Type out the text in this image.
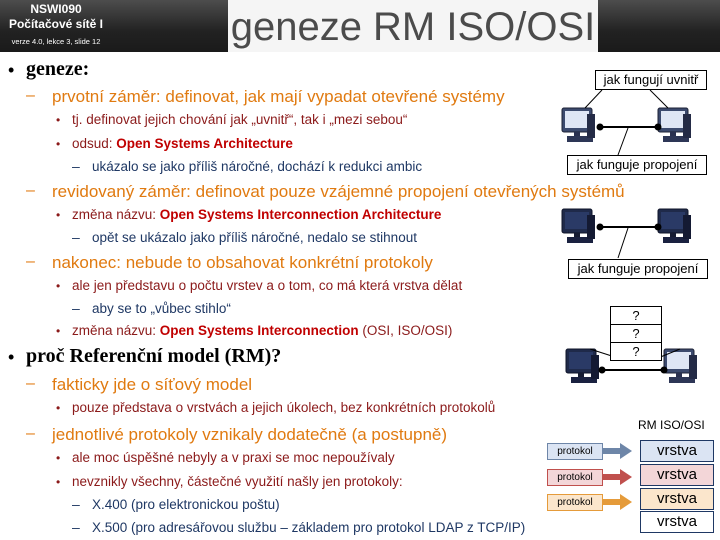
NSWI090
Počítačové sítě I
verze 4.0, lekce 3, slide 12	geneze RM ISO/OSI
• geneze:
– prvotní záměr: definovat, jak mají vypadat otevřené systémy
• tj. definovat jejich chování jak „uvnitř“, tak i „mezi sebou“
• odsud: Open Systems Architecture
– ukázalo se jako příliš náročné, dochází k redukci ambic
– revidovaný záměr: definovat pouze vzájemné propojení otevřených systémů
• změna názvu: Open Systems Interconnection Architecture
– opět se ukázalo jako příliš náročné, nedalo se stihnout
– nakonec: nebude to obsahovat konkrétní protokoly
• ale jen představu o počtu vrstev a o tom, co má která vrstva dělat
– aby se to „vůbec stihlo“
• změna názvu: Open Systems Interconnection (OSI, ISO/OSI)
• proč Referenční model (RM)?
– fakticky jde o síťový model
• pouze představa o vrstvách a jejich úkolech, bez konkrétních protokolů
– jednotlivé protokoly vznikaly dodatečně (a postupně)
• ale moc úspěšné nebyly a v praxi se moc nepoužívaly
• nevznikly všechny, částečné využití našly jen protokoly:
– X.400 (pro elektronickou poštu)
– X.500 (pro adresářovou službu – základem pro protokol LDAP z TCP/IP)
jak fungují uvnitř
jak funguje propojení
jak funguje propojení
?
?
?
RM ISO/OSI
vrstva
vrstva
vrstva
vrstva
protokol
protokol
protokol
